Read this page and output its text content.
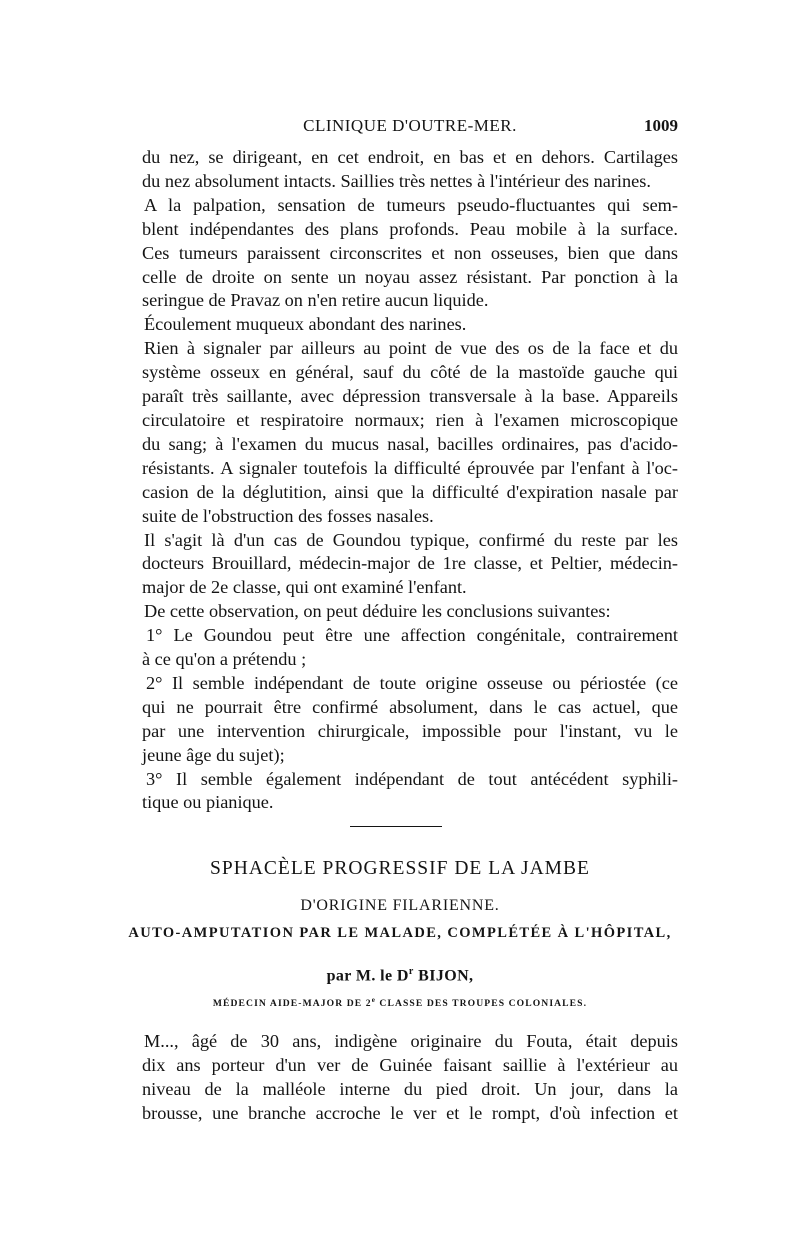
CLINIQUE D'OUTRE-MER.	1009
du nez, se dirigeant, en cet endroit, en bas et en dehors. Cartilages
du nez absolument intacts. Saillies très nettes à l'intérieur des narines.
A la palpation, sensation de tumeurs pseudo-fluctuantes qui sem-
blent indépendantes des plans profonds. Peau mobile à la surface.
Ces tumeurs paraissent circonscrites et non osseuses, bien que dans
celle de droite on sente un noyau assez résistant. Par ponction à la
seringue de Pravaz on n'en retire aucun liquide.
Écoulement muqueux abondant des narines.
Rien à signaler par ailleurs au point de vue des os de la face et du
système osseux en général, sauf du côté de la mastoïde gauche qui
paraît très saillante, avec dépression transversale à la base. Appareils
circulatoire et respiratoire normaux; rien à l'examen microscopique
du sang; à l'examen du mucus nasal, bacilles ordinaires, pas d'acido-
résistants. A signaler toutefois la difficulté éprouvée par l'enfant à l'oc-
casion de la déglutition, ainsi que la difficulté d'expiration nasale par
suite de l'obstruction des fosses nasales.
Il s'agit là d'un cas de Goundou typique, confirmé du reste par les
docteurs Brouillard, médecin-major de 1re classe, et Peltier, médecin-
major de 2e classe, qui ont examiné l'enfant.
De cette observation, on peut déduire les conclusions suivantes:
1° Le Goundou peut être une affection congénitale, contrairement
à ce qu'on a prétendu ;
2° Il semble indépendant de toute origine osseuse ou périostée (ce
qui ne pourrait être confirmé absolument, dans le cas actuel, que
par une intervention chirurgicale, impossible pour l'instant, vu le
jeune âge du sujet);
3° Il semble également indépendant de tout antécédent syphili-
tique ou pianique.
SPHACÈLE PROGRESSIF DE LA JAMBE
D'ORIGINE FILARIENNE.
AUTO-AMPUTATION PAR LE MALADE, COMPLÉTÉE À L'HÔPITAL,
par M. le $D^r$ BIJON,
MÉDECIN AIDE-MAJOR DE 2e CLASSE DES TROUPES COLONIALES.
M..., âgé de 30 ans, indigène originaire du Fouta, était depuis
dix ans porteur d'un ver de Guinée faisant saillie à l'extérieur au
niveau de la malléole interne du pied droit. Un jour, dans la
brousse, une branche accroche le ver et le rompt, d'où infection et
